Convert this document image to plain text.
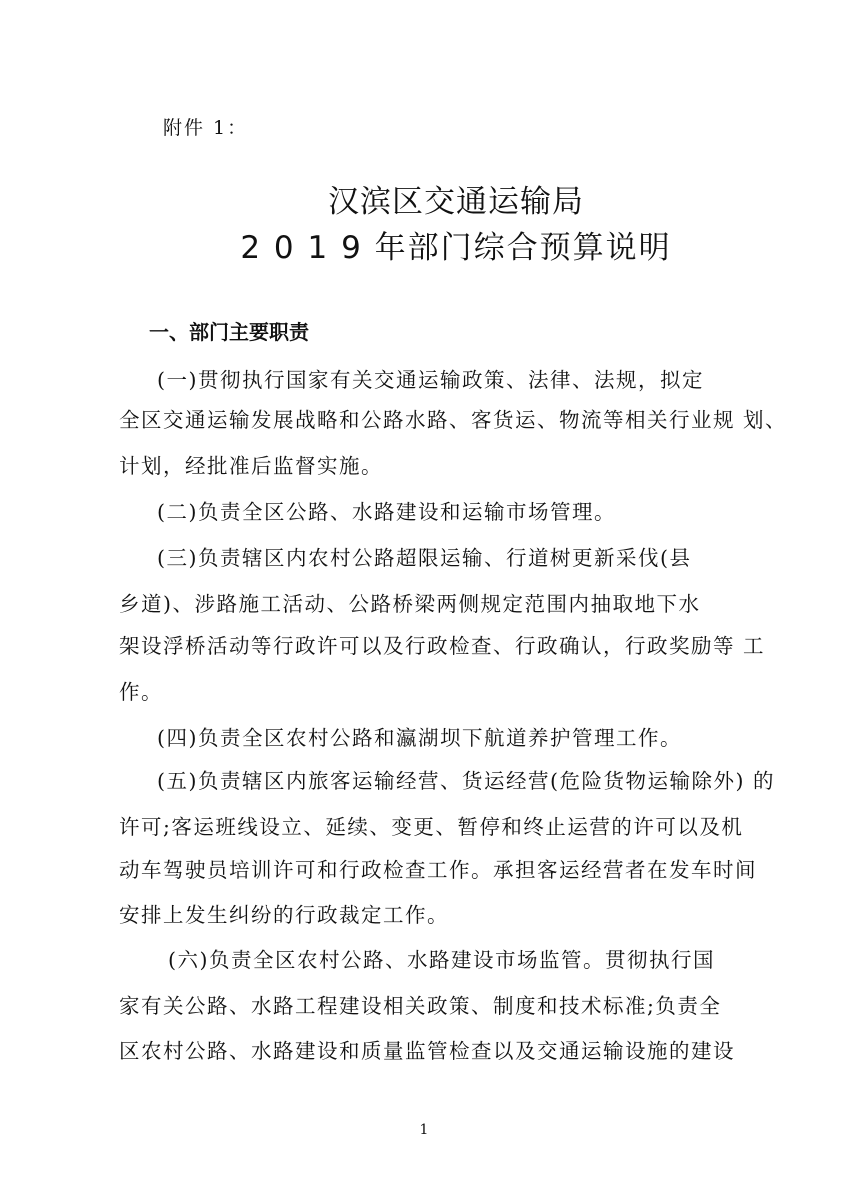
附件 1：
汉滨区交通运输局
2 0 1 9 年部门综合预算说明
一、部门主要职责
(一)贯彻执行国家有关交通运输政策、法律、法规，拟定
全区交通运输发展战略和公路水路、客货运、物流等相关行业规 划、
计划，经批准后监督实施。
(二)负责全区公路、水路建设和运输市场管理。
(三)负责辖区内农村公路超限运输、行道树更新采伐(县
乡道)、涉路施工活动、公路桥梁两侧规定范围内抽取地下水
架设浮桥活动等行政许可以及行政检查、行政确认，行政奖励等 工
作。
(四)负责全区农村公路和瀛湖坝下航道养护管理工作。
(五)负责辖区内旅客运输经营、货运经营(危险货物运输除外) 的
许可;客运班线设立、延续、变更、暂停和终止运营的许可以及机
动车驾驶员培训许可和行政检查工作。承担客运经营者在发车时间
安排上发生纠纷的行政裁定工作。
(六)负责全区农村公路、水路建设市场监管。贯彻执行国
家有关公路、水路工程建设相关政策、制度和技术标准;负责全
区农村公路、水路建设和质量监管检查以及交通运输设施的建设
1
